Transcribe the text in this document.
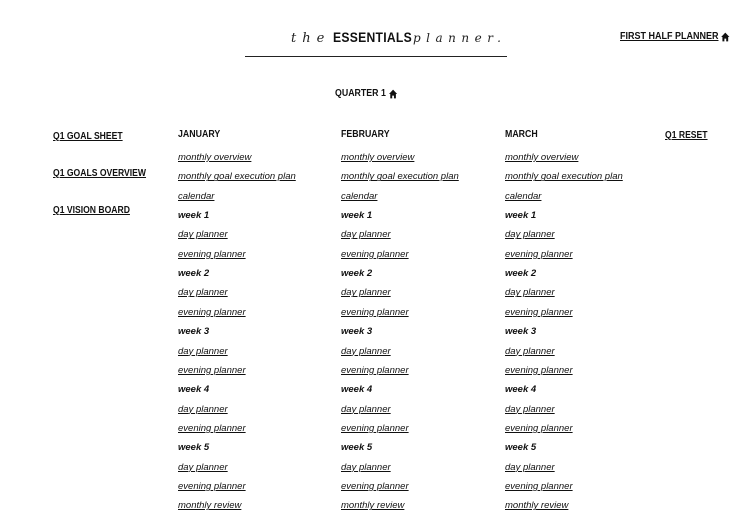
the ESSENTIALS planner.	FIRST HALF PLANNER
QUARTER 1
Q1 GOAL SHEET
Q1 GOALS OVERVIEW
Q1 VISION BOARD
Q1 RESET
JANUARY
monthly overview
monthly goal execution plan
calendar
week 1
day planner
evening planner
week 2
day planner
evening planner
week 3
day planner
evening planner
week 4
day planner
evening planner
week 5
day planner
evening planner
monthly review
FEBRUARY
monthly overview
monthly goal execution plan
calendar
week 1
day planner
evening planner
week 2
day planner
evening planner
week 3
day planner
evening planner
week 4
day planner
evening planner
week 5
day planner
evening planner
monthly review
MARCH
monthly overview
monthly goal execution plan
calendar
week 1
day planner
evening planner
week 2
day planner
evening planner
week 3
day planner
evening planner
week 4
day planner
evening planner
week 5
day planner
evening planner
monthly review
